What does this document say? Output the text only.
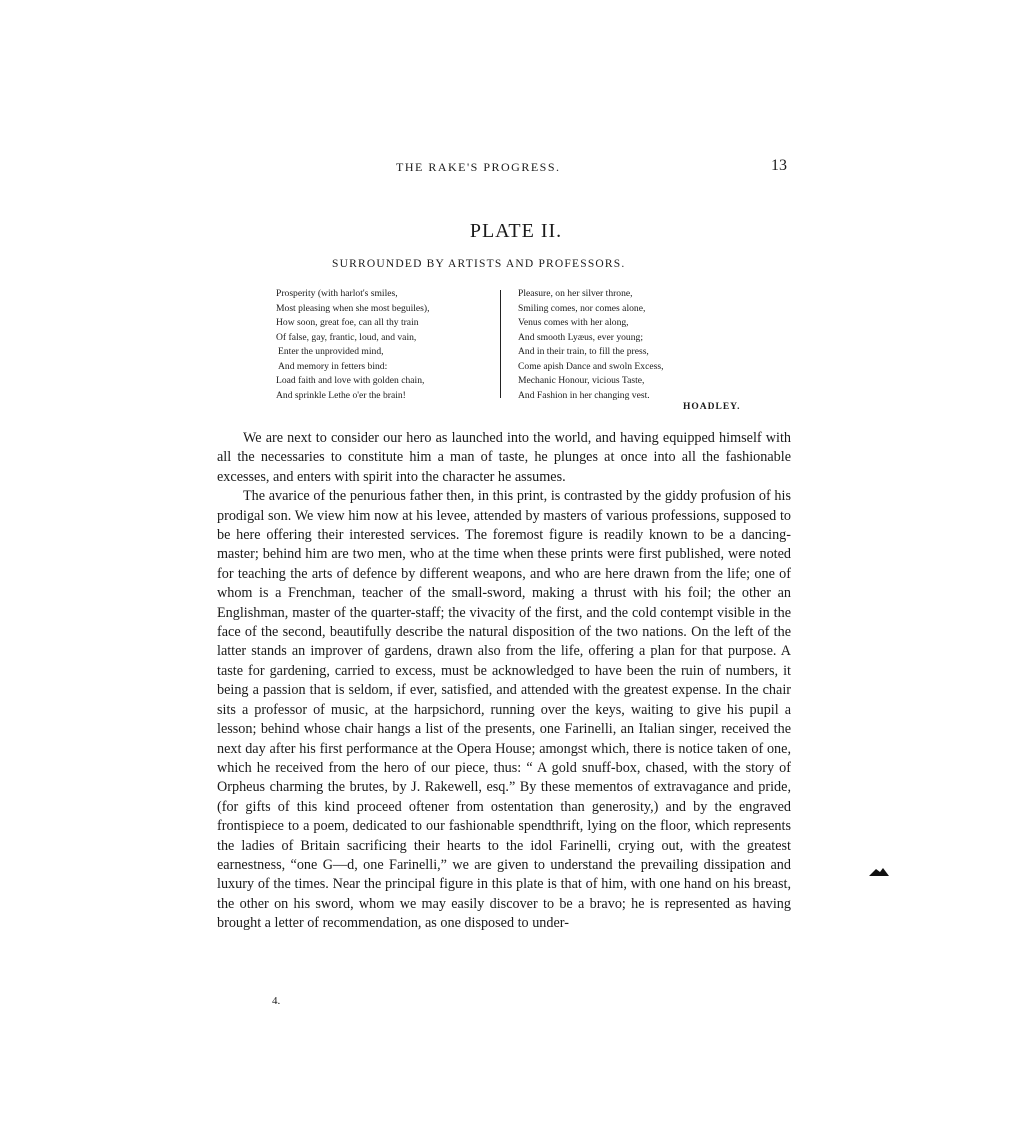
THE RAKE'S PROGRESS.	13
PLATE II.
SURROUNDED BY ARTISTS AND PROFESSORS.
Prosperity (with harlot's smiles,
Most pleasing when she most beguiles),
How soon, great foe, can all thy train
Of false, gay, frantic, loud, and vain,
Enter the unprovided mind,
And memory in fetters bind:
Load faith and love with golden chain,
And sprinkle Lethe o'er the brain!
Pleasure, on her silver throne,
Smiling comes, nor comes alone,
Venus comes with her along,
And smooth Lyæus, ever young;
And in their train, to fill the press,
Come apish Dance and swoln Excess,
Mechanic Honour, vicious Taste,
And Fashion in her changing vest.
HOADLEY.

We are next to consider our hero as launched into the world, and having equipped himself with all the necessaries to constitute him a man of taste, he plunges at once into all the fashionable excesses, and enters with spirit into the character he assumes.

The avarice of the penurious father then, in this print, is contrasted by the giddy profusion of his prodigal son. We view him now at his levee, attended by masters of various professions, supposed to be here offering their interested services. The foremost figure is readily known to be a dancing-master; behind him are two men, who at the time when these prints were first published, were noted for teaching the arts of defence by different weapons, and who are here drawn from the life; one of whom is a Frenchman, teacher of the small-sword, making a thrust with his foil; the other an Englishman, master of the quarter-staff; the vivacity of the first, and the cold contempt visible in the face of the second, beautifully describe the natural disposition of the two nations. On the left of the latter stands an improver of gardens, drawn also from the life, offering a plan for that purpose. A taste for gardening, carried to excess, must be acknowledged to have been the ruin of numbers, it being a passion that is seldom, if ever, satisfied, and attended with the greatest expense. In the chair sits a professor of music, at the harpsichord, running over the keys, waiting to give his pupil a lesson; behind whose chair hangs a list of the presents, one Farinelli, an Italian singer, received the next day after his first performance at the Opera House; amongst which, there is notice taken of one, which he received from the hero of our piece, thus: “ A gold snuff-box, chased, with the story of Orpheus charming the brutes, by J. Rakewell, esq.” By these mementos of extravagance and pride, (for gifts of this kind proceed oftener from ostentation than generosity,) and by the engraved frontispiece to a poem, dedicated to our fashionable spendthrift, lying on the floor, which represents the ladies of Britain sacrificing their hearts to the idol Farinelli, crying out, with the greatest earnestness, “one G—d, one Farinelli,” we are given to understand the prevailing dissipation and luxury of the times. Near the principal figure in this plate is that of him, with one hand on his breast, the other on his sword, whom we may easily discover to be a bravo; he is represented as having brought a letter of recommendation, as one disposed to under-

4.
